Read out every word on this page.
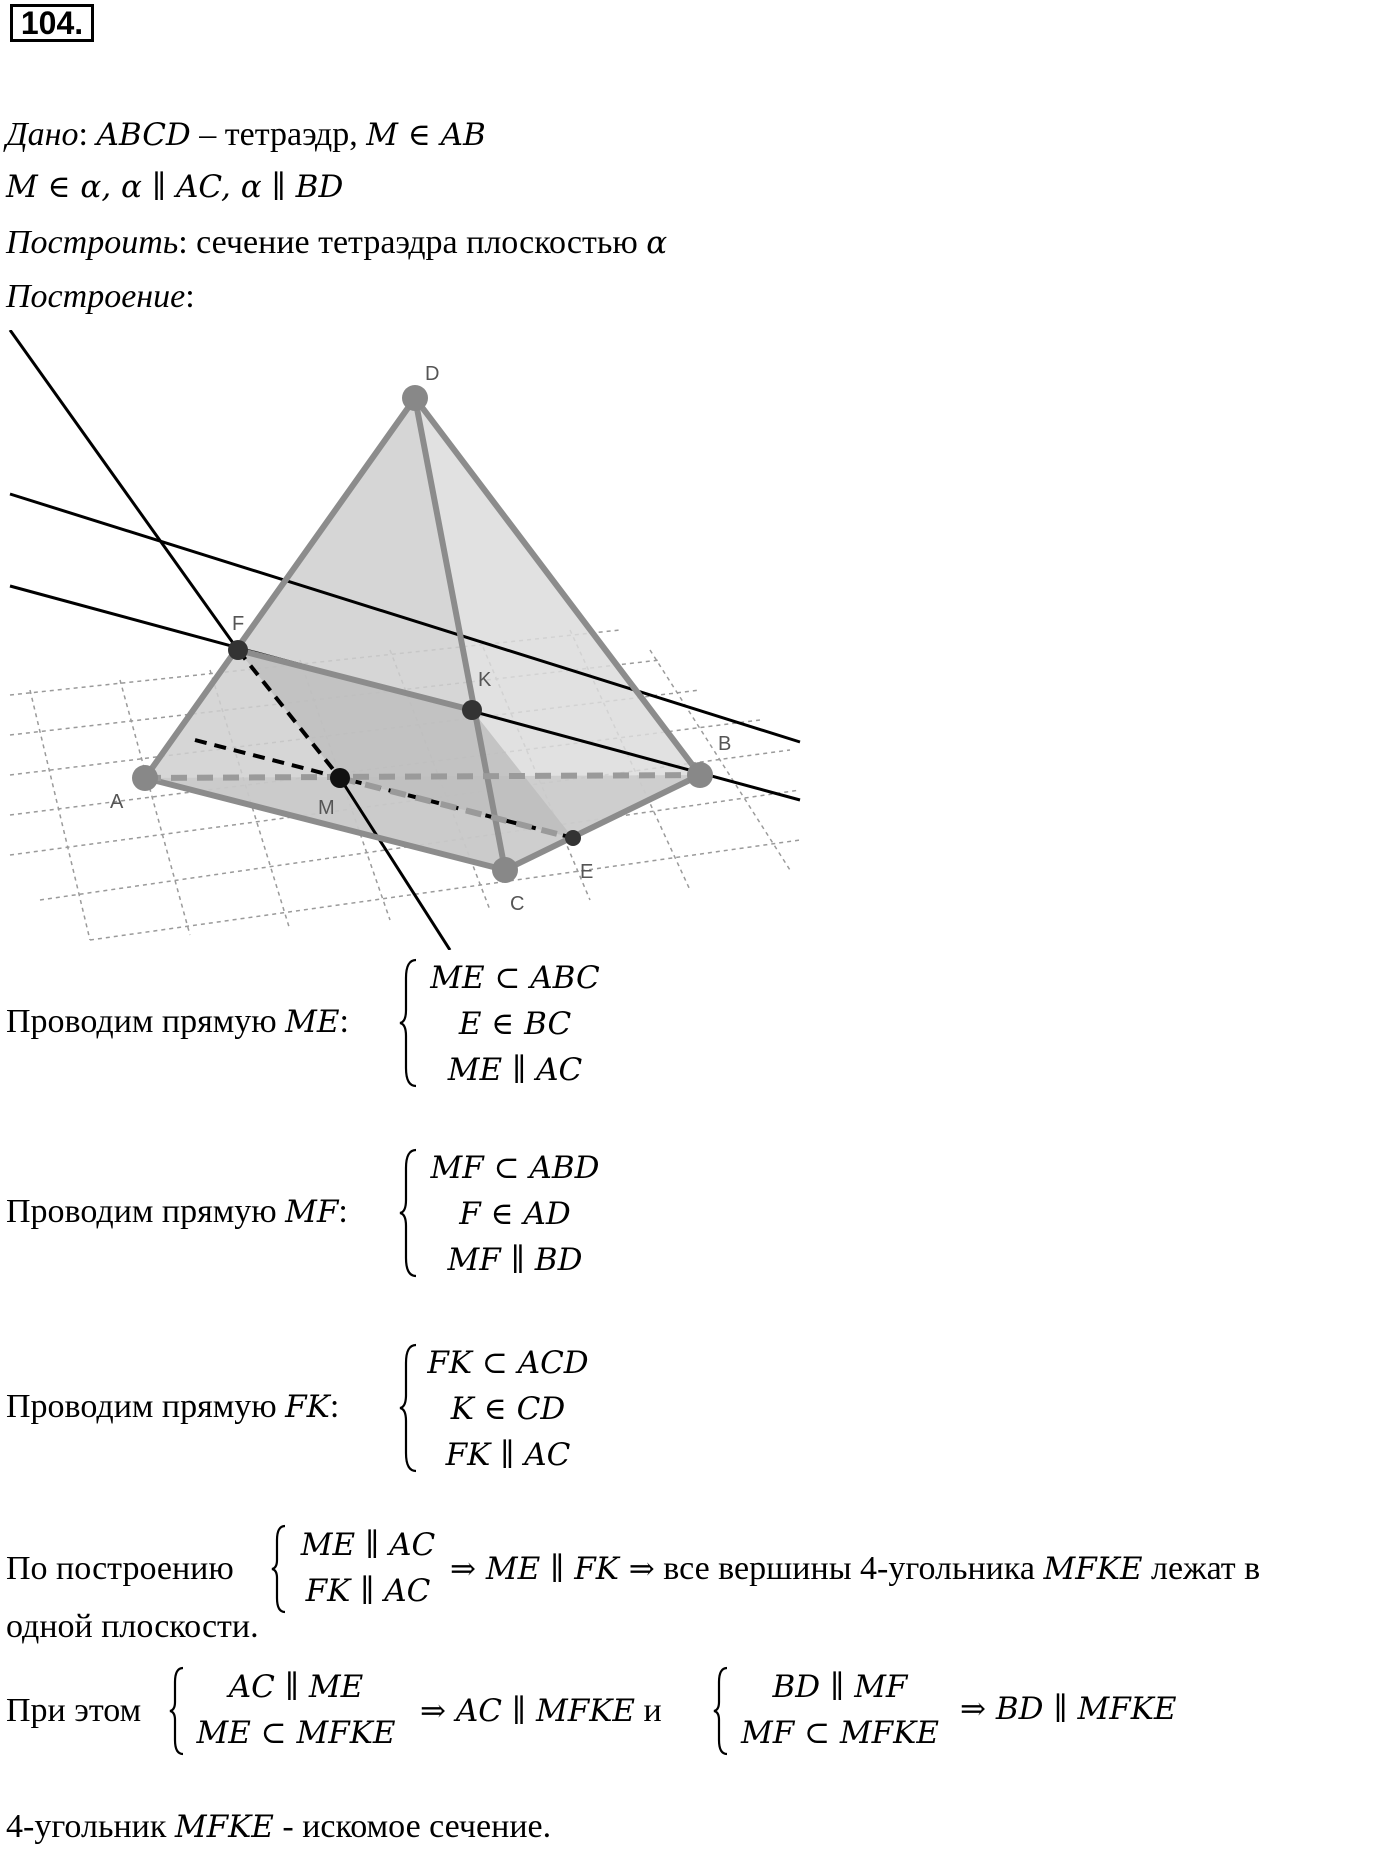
104.
Дано: ABCD – тетраэдр, M ∈ AB
M ∈ α, α ∥ AC, α ∥ BD
Построить: сечение тетраэдра плоскостью α
Построение:
D
F
K
B
A	M
E
C
Проводим прямую ME:
ME ⊂ ABC
E ∈ BC
ME ∥ AC
Проводим прямую MF:
MF ⊂ ABD
F ∈ AD
MF ∥ BD
Проводим прямую FK:
FK ⊂ ACD
K ∈ CD
FK ∥ AC
По построению
ME ∥ AC
FK ∥ AC
⇒ ME ∥ FK ⇒ все вершины 4-угольника MFKE лежат в
одной плоскости.
При этом
AC ∥ ME
ME ⊂ MFKE
⇒ AC ∥ MFKE и
BD ∥ MF
MF ⊂ MFKE
⇒ BD ∥ MFKE
4-угольник MFKE - искомое сечение.
